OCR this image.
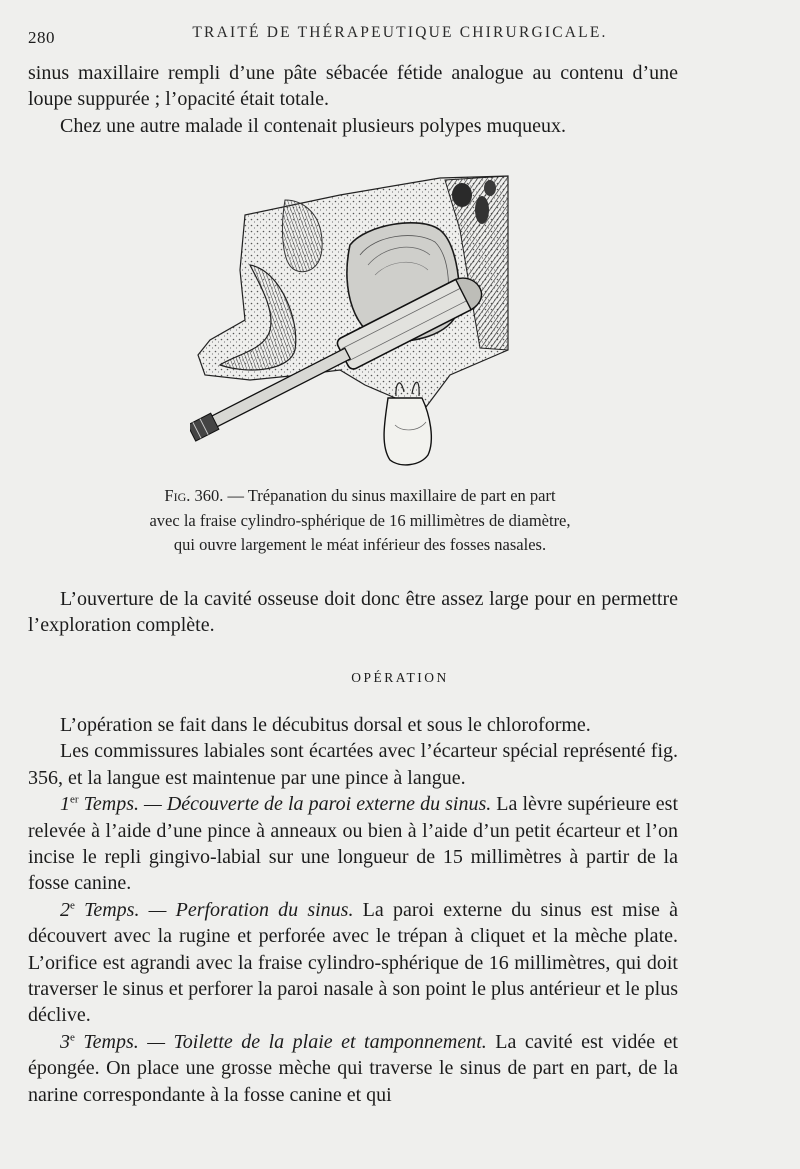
280	TRAITÉ DE THÉRAPEUTIQUE CHIRURGICALE.

sinus maxillaire rempli d’une pâte sébacée fétide analogue au contenu d’une loupe suppurée ; l’opacité était totale.

Chez une autre malade il contenait plusieurs polypes muqueux.

Fig. 360. — Trépanation du sinus maxillaire de part en part
avec la fraise cylindro-sphérique de 16 millimètres de diamètre,
qui ouvre largement le méat inférieur des fosses nasales.

L’ouverture de la cavité osseuse doit donc être assez large pour en permettre l’exploration complète.

OPÉRATION

L’opération se fait dans le décubitus dorsal et sous le chloroforme.

Les commissures labiales sont écartées avec l’écarteur spécial représenté fig. 356, et la langue est maintenue par une pince à langue.

1er Temps. — Découverte de la paroi externe du sinus. La lèvre supérieure est relevée à l’aide d’une pince à anneaux ou bien à l’aide d’un petit écarteur et l’on incise le repli gingivo-labial sur une longueur de 15 millimètres à partir de la fosse canine.

2e Temps. — Perforation du sinus. La paroi externe du sinus est mise à découvert avec la rugine et perforée avec le trépan à cliquet et la mèche plate. L’orifice est agrandi avec la fraise cylindro-sphérique de 16 millimètres, qui doit traverser le sinus et perforer la paroi nasale à son point le plus antérieur et le plus déclive.

3e Temps. — Toilette de la plaie et tamponnement. La cavité est vidée et épongée. On place une grosse mèche qui traverse le sinus de part en part, de la narine correspondante à la fosse canine et qui
